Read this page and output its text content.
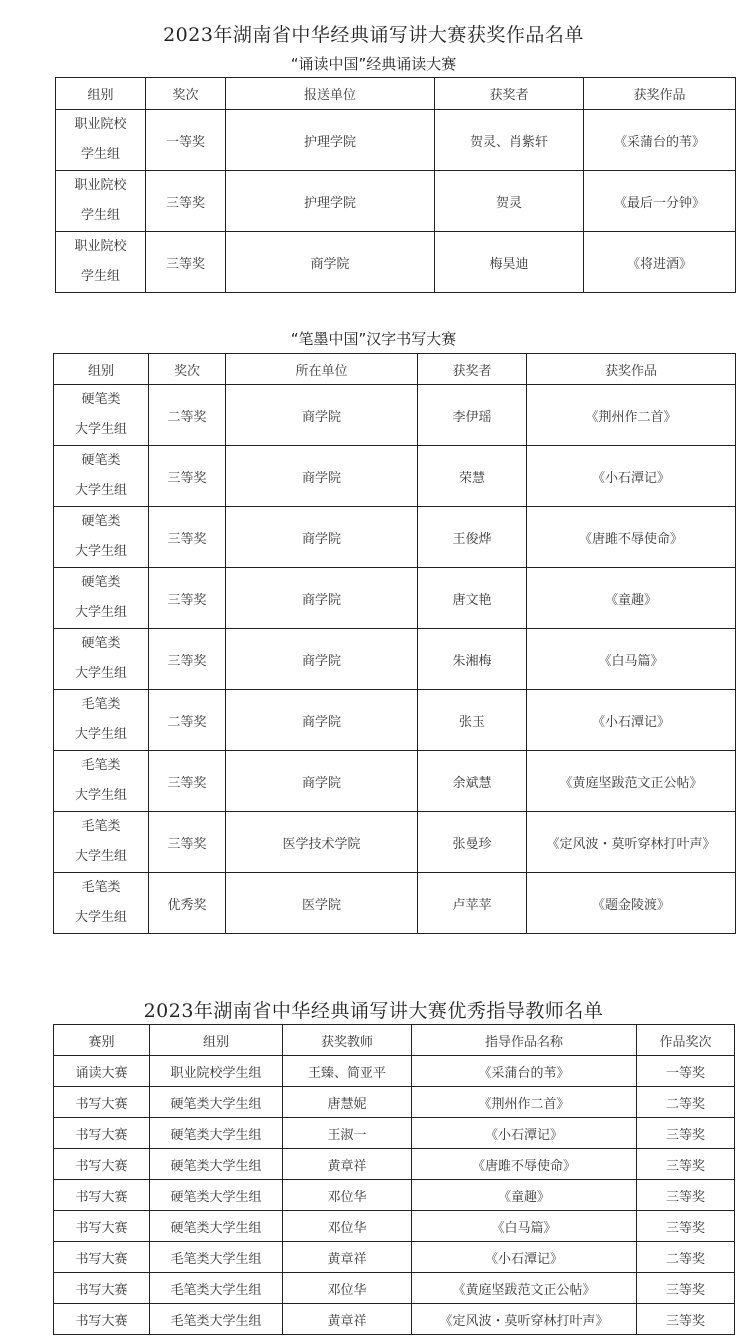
2023年湖南省中华经典诵写讲大赛获奖作品名单
“诵读中国”经典诵读大赛
组别	奖次	报送单位	获奖者	获奖作品

职业院校
学生组	一等奖	护理学院	贺灵、肖紫轩	《采蒲台的苇》

职业院校
学生组	三等奖	护理学院	贺灵	《最后一分钟》

职业院校
学生组	三等奖	商学院	梅昊迪	《将进酒》
“笔墨中国”汉字书写大赛
组别	奖次	所在单位	获奖者	获奖作品

硬笔类
大学生组	二等奖	商学院	李伊瑶	《荆州作二首》

硬笔类
大学生组	三等奖	商学院	荣慧	《小石潭记》

硬笔类
大学生组	三等奖	商学院	王俊烨	《唐雎不辱使命》

硬笔类
大学生组	三等奖	商学院	唐文艳	《童趣》

硬笔类
大学生组	三等奖	商学院	朱湘梅	《白马篇》

毛笔类
大学生组	二等奖	商学院	张玉	《小石潭记》

毛笔类
大学生组	三等奖	商学院	余斌慧	《黄庭坚跋范文正公帖》

毛笔类
大学生组	三等奖	医学技术学院	张曼珍	《定风波・莫听穿林打叶声》

毛笔类
大学生组	优秀奖	医学院	卢苹苹	《题金陵渡》
2023年湖南省中华经典诵写讲大赛优秀指导教师名单
赛别	组别	获奖教师	指导作品名称	作品奖次
诵读大赛	职业院校学生组	王臻、简亚平	《采蒲台的苇》	一等奖
书写大赛	硬笔类大学生组	唐慧妮	《荆州作二首》	二等奖
书写大赛	硬笔类大学生组	王淑一	《小石潭记》	三等奖
书写大赛	硬笔类大学生组	黄章祥	《唐雎不辱使命》	三等奖
书写大赛	硬笔类大学生组	邓位华	《童趣》	三等奖
书写大赛	硬笔类大学生组	邓位华	《白马篇》	三等奖
书写大赛	毛笔类大学生组	黄章祥	《小石潭记》	二等奖
书写大赛	毛笔类大学生组	邓位华	《黄庭坚跋范文正公帖》	三等奖
书写大赛	毛笔类大学生组	黄章祥	《定风波・莫听穿林打叶声》	三等奖
